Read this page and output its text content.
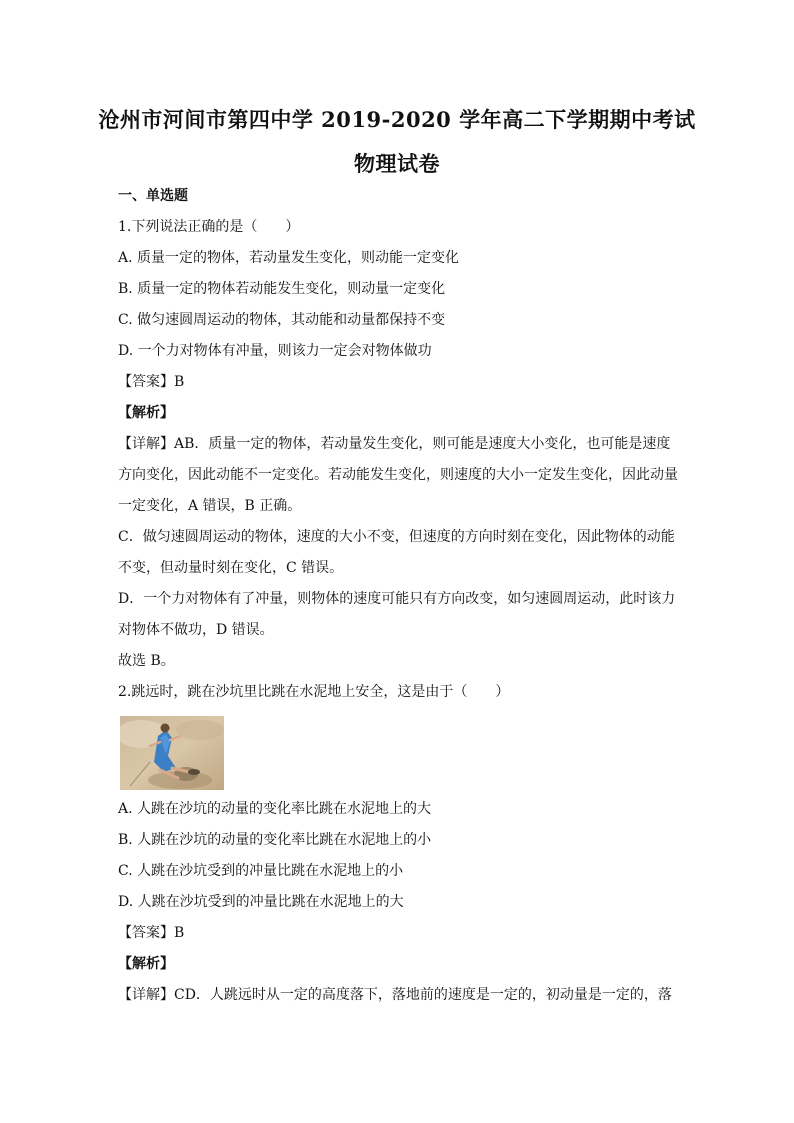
沧州市河间市第四中学 2019-2020 学年高二下学期期中考试
物理试卷
一、单选题
1.下列说法正确的是（　　）
A. 质量一定的物体，若动量发生变化，则动能一定变化
B. 质量一定的物体若动能发生变化，则动量一定变化
C. 做匀速圆周运动的物体，其动能和动量都保持不变
D. 一个力对物体有冲量，则该力一定会对物体做功
【答案】B
【解析】
【详解】AB．质量一定的物体，若动量发生变化，则可能是速度大小变化，也可能是速度
方向变化，因此动能不一定变化。若动能发生变化，则速度的大小一定发生变化，因此动量
一定变化，A 错误，B 正确。
C．做匀速圆周运动的物体，速度的大小不变，但速度的方向时刻在变化，因此物体的动能
不变，但动量时刻在变化，C 错误。
D．一个力对物体有了冲量，则物体的速度可能只有方向改变，如匀速圆周运动，此时该力
对物体不做功，D 错误。
故选 B。
2.跳远时，跳在沙坑里比跳在水泥地上安全，这是由于（　　）
A. 人跳在沙坑的动量的变化率比跳在水泥地上的大
B. 人跳在沙坑的动量的变化率比跳在水泥地上的小
C. 人跳在沙坑受到的冲量比跳在水泥地上的小
D. 人跳在沙坑受到的冲量比跳在水泥地上的大
【答案】B
【解析】
【详解】CD．人跳远时从一定的高度落下，落地前的速度是一定的，初动量是一定的，落
